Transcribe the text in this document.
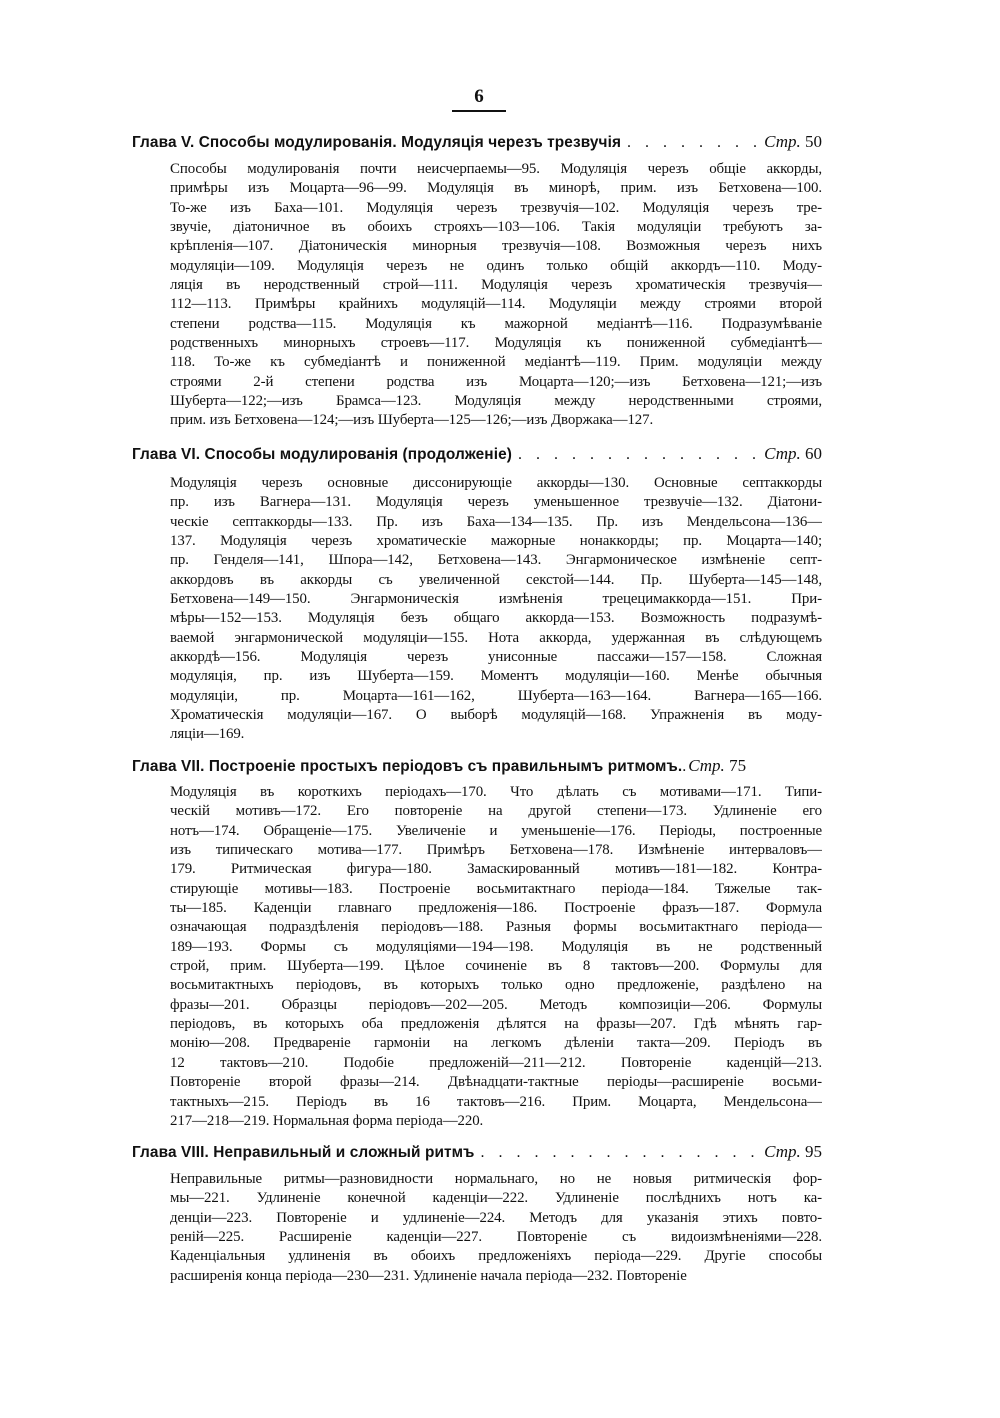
6
Глава V. Способы модулированія. Модуляція черезъ трезвучія . . .	Стр. 50
Способы модулированія почти неисчерпаемы—95. Модуляція черезъ общіе аккорды,
примѣры изъ Моцарта—96—99. Модуляція въ минорѣ, прим. изъ Бетховена—100.
То-же изъ Баха—101. Модуляція черезъ трезвучія—102. Модуляція черезъ тре-
звучіе, діатоничное въ обоихъ строяхъ—103—106. Такія модуляціи требуютъ за-
крѣпленія—107. Діатоническія минорныя трезвучія—108. Возможныя черезъ нихъ
модуляціи—109. Модуляція черезъ не одинъ только общій аккордъ—110. Моду-
ляція въ неродственный строй—111. Модуляція черезъ хроматическія трезвучія—
112—113. Примѣры крайнихъ модуляцій—114. Модуляціи между строями второй
степени родства—115. Модуляція къ мажорной медіантѣ—116. Подразумѣваніе
родственныхъ минорныхъ строевъ—117. Модуляція къ пониженной субмедіантѣ—
118. То-же къ субмедіантѣ и пониженной медіантѣ—119. Прим. модуляціи между
строями 2-й степени родства изъ Моцарта—120;—изъ Бетховена—121;—изъ
Шуберта—122;—изъ Брамса—123. Модуляція между неродственными строями,
прим. изъ Бетховена—124;—изъ Шуберта—125—126;—изъ Дворжака—127.
Глава VI. Способы модулированія (продолженіе) . . .	Стр. 60
Модуляція черезъ основные диссонирующіе аккорды—130. Основные септаккорды
пр. изъ Вагнера—131. Модуляція черезъ уменьшенное трезвучіе—132. Діатони-
ческіе септаккорды—133. Пр. изъ Баха—134—135. Пр. изъ Мендельсона—136—
137. Модуляція черезъ хроматическіе мажорные нонаккорды; пр. Моцарта—140;
пр. Генделя—141, Шпора—142, Бетховена—143. Энгармоническое измѣненіе септ-
аккордовъ въ аккорды съ увеличенной секстой—144. Пр. Шуберта—145—148,
Бетховена—149—150. Энгармоническія измѣненія трецецимаккорда—151. При-
мѣры—152—153. Модуляція безъ общаго аккорда—153. Возможность подразумѣ-
ваемой энгармонической модуляціи—155. Нота аккорда, удержанная въ слѣдующемъ
аккордѣ—156. Модуляція черезъ унисонные пассажи—157—158. Сложная
модуляція, пр. изъ Шуберта—159. Моментъ модуляціи—160. Менѣе обычныя
модуляціи, пр. Моцарта—161—162, Шуберта—163—164. Вагнера—165—166.
Хроматическія модуляціи—167. О выборѣ модуляцій—168. Упражненія въ моду-
ляціи—169.
Глава VII. Построеніе простыхъ періодовъ съ правильнымъ ритмомъ. . . . Стр. 75
Модуляція въ короткихъ періодахъ—170. Что дѣлать съ мотивами—171. Типи-
ческій мотивъ—172. Его повтореніе на другой степени—173. Удлиненіе его
нотъ—174. Обращеніе—175. Увеличеніе и уменьшеніе—176. Періоды, построенные
изъ типическаго мотива—177. Примѣръ Бетховена—178. Измѣненіе интерваловъ—
179. Ритмическая фигура—180. Замаскированный мотивъ—181—182. Контра-
стирующіе мотивы—183. Построеніе восьмитактнаго періода—184. Тяжелые так-
ты—185. Каденціи главнаго предложенія—186. Построеніе фразъ—187. Формула
означающая подраздѣленія періодовъ—188. Разныя формы восьмитактнаго періода—
189—193. Формы съ модуляціями—194—198. Модуляція въ не родственный
строй, прим. Шуберта—199. Цѣлое сочиненіе въ 8 тактовъ—200. Формулы для
восьмитактныхъ періодовъ, въ которыхъ только одно предложеніе, раздѣлено на
фразы—201. Образцы періодовъ—202—205. Методъ композиціи—206. Формулы
періодовъ, въ которыхъ оба предложенія дѣлятся на фразы—207. Гдѣ мѣнять гар-
монію—208. Предвареніе гармоніи на легкомъ дѣленіи такта—209. Періодъ въ
12 тактовъ—210. Подобіе предложеній—211—212. Повтореніе каденцій—213.
Повтореніе второй фразы—214. Двѣнадцати-тактные періоды—расширеніе восьми-
тактныхъ—215. Періодъ въ 16 тактовъ—216. Прим. Моцарта, Мендельсона—
217—218—219. Нормальная форма періода—220.
Глава VIII. Неправильный и сложный ритмъ . . .	Стр. 95
Неправильные ритмы—разновидности нормальнаго, но не новыя ритмическія фор-
мы—221. Удлиненіе конечной каденціи—222. Удлиненіе послѣднихъ нотъ ка-
денціи—223. Повтореніе и удлиненіе—224. Методъ для указанія этихъ повто-
реній—225. Расширеніе каденціи—227. Повтореніе съ видоизмѣненіями—228.
Каденціальныя удлиненія въ обоихъ предложеніяхъ періода—229. Другіе способы
расширенія конца періода—230—231. Удлиненіе начала періода—232. Повтореніе
